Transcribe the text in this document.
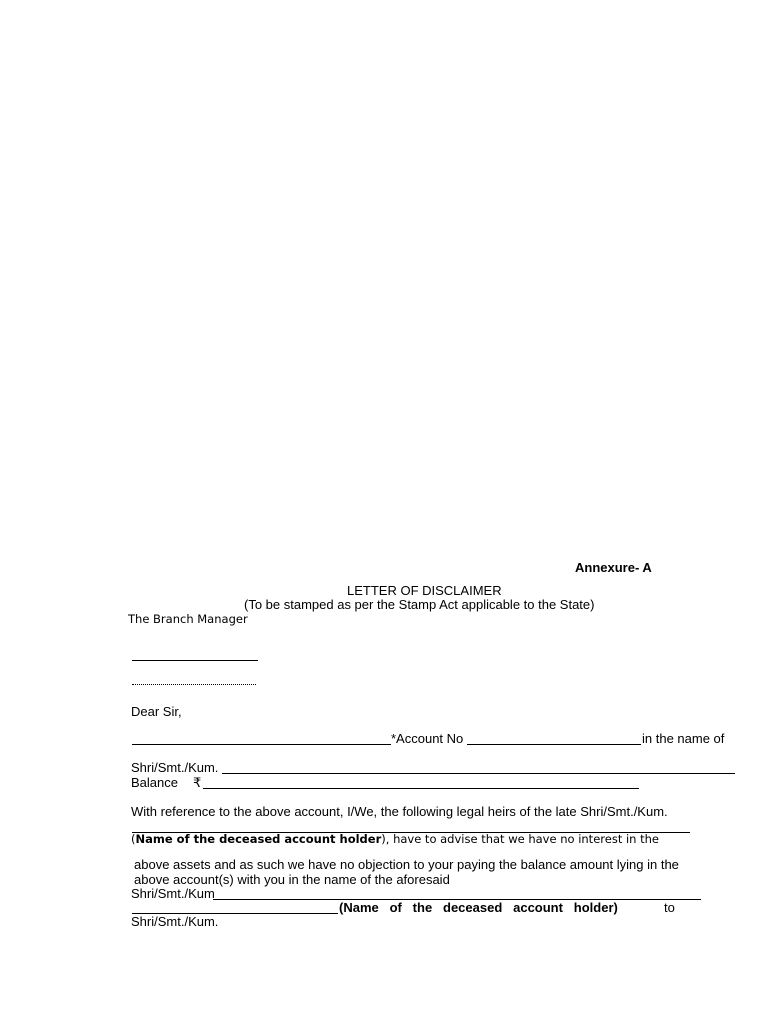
Annexure- A
LETTER OF DISCLAIMER
(To be stamped as per the Stamp Act applicable to the State)
The Branch Manager
Dear Sir,
*Account No	in the name of
Shri/Smt./Kum.
Balance ₹
With reference to the above account, I/We, the following legal heirs of the late Shri/Smt./Kum.
(Name of the deceased account holder), have to advise that we have no interest in the
above assets and as such we have no objection to your paying the balance amount lying in the
above account(s) with you in the name of the aforesaid
Shri/Smt./Kum
(Name   of   the   deceased   account   holder)	to
Shri/Smt./Kum.
